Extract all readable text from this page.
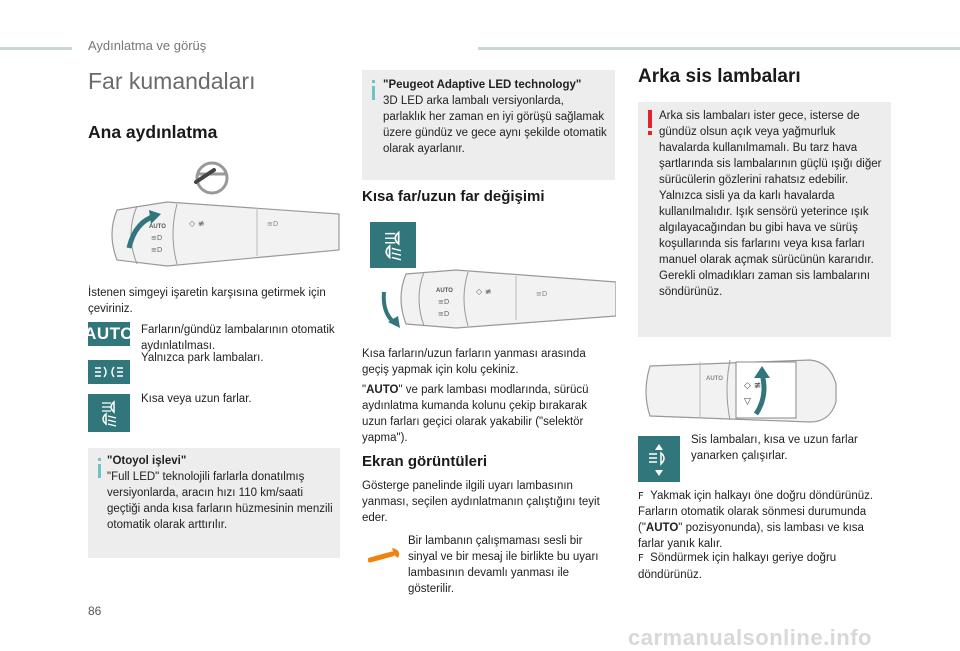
Aydınlatma ve görüş
Far kumandaları
Ana aydınlatma
AUTO
≡D
≡D
◇ ≢	≡D
İstenen simgeyi işaretin karşısına getirmek için çeviriniz.
AUTO Farların/gündüz lambalarının otomatik aydınlatılması.
Yalnızca park lambaları.
Kısa veya uzun farlar.
"Otoyol işlevi"
"Full LED" teknolojili farlarla donatılmış versiyonlarda, aracın hızı 110 km/saati geçtiği anda kısa farların hüzmesinin menzili otomatik olarak arttırılır.
"Peugeot Adaptive LED technology"
3D LED arka lambalı versiyonlarda, parlaklık her zaman en iyi görüşü sağlamak üzere gündüz ve gece aynı şekilde otomatik olarak ayarlanır.
Kısa far/uzun far değişimi
AUTO
≡D
≡D
◇ ≢	≡D
Kısa farların/uzun farların yanması arasında geçiş yapmak için kolu çekiniz.
"AUTO" ve park lambası modlarında, sürücü aydınlatma kumanda kolunu çekip bırakarak uzun farları geçici olarak yakabilir ("selektör yapma").
Ekran görüntüleri
Gösterge panelinde ilgili uyarı lambasının yanması, seçilen aydınlatmanın çalıştığını teyit eder.
Bir lambanın çalışmaması sesli bir sinyal ve bir mesaj ile birlikte bu uyarı lambasının devamlı yanması ile gösterilir.
Arka sis lambaları
Arka sis lambaları ister gece, isterse de gündüz olsun açık veya yağmurluk havalarda kullanılmamalı. Bu tarz hava şartlarında sis lambalarının güçlü ışığı diğer sürücülerin gözlerini rahatsız edebilir. Yalnızca sisli ya da karlı havalarda kullanılmalıdır. Işık sensörü yeterince ışık algılayacağından bu gibi hava ve sürüş koşullarında sis farlarını veya kısa farları manuel olarak açmak sürücünün kararıdır. Gerekli olmadıkları zaman sis lambalarını söndürünüz.
AUTO
◇ ≢
▽
Sis lambaları, kısa ve uzun farlar yanarken çalışırlar.
F Yakmak için halkayı öne doğru döndürünüz.
Farların otomatik olarak sönmesi durumunda ("AUTO" pozisyonunda), sis lambası ve kısa farlar yanık kalır.
F Söndürmek için halkayı geriye doğru döndürünüz.
86
carmanualsonline.info
